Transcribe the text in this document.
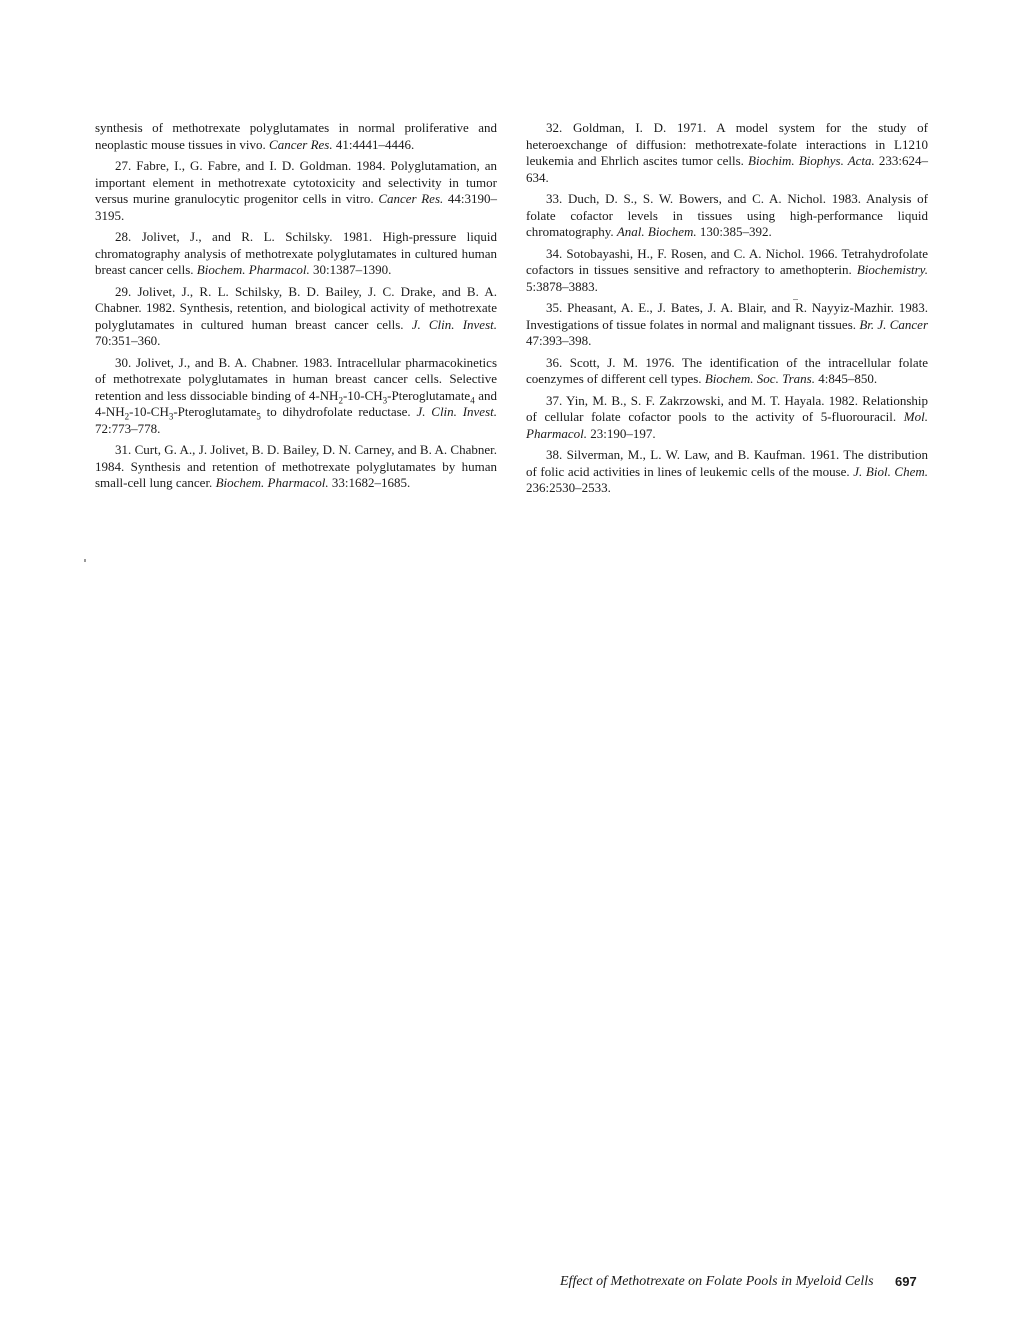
synthesis of methotrexate polyglutamates in normal proliferative and neoplastic mouse tissues in vivo. Cancer Res. 41:4441–4446.

27. Fabre, I., G. Fabre, and I. D. Goldman. 1984. Polyglutamation, an important element in methotrexate cytotoxicity and selectivity in tumor versus murine granulocytic progenitor cells in vitro. Cancer Res. 44:3190–3195.

28. Jolivet, J., and R. L. Schilsky. 1981. High-pressure liquid chromatography analysis of methotrexate polyglutamates in cultured human breast cancer cells. Biochem. Pharmacol. 30:1387–1390.

29. Jolivet, J., R. L. Schilsky, B. D. Bailey, J. C. Drake, and B. A. Chabner. 1982. Synthesis, retention, and biological activity of methotrexate polyglutamates in cultured human breast cancer cells. J. Clin. Invest. 70:351–360.

30. Jolivet, J., and B. A. Chabner. 1983. Intracellular pharmacokinetics of methotrexate polyglutamates in human breast cancer cells. Selective retention and less dissociable binding of $4-NH_2-10-CH_3-Pteroglutamate_4$ and $4-NH_2-10-CH_3-Pteroglutamate_5$ to dihydrofolate reductase. J. Clin. Invest. 72:773–778.

31. Curt, G. A., J. Jolivet, B. D. Bailey, D. N. Carney, and B. A. Chabner. 1984. Synthesis and retention of methotrexate polyglutamates by human small-cell lung cancer. Biochem. Pharmacol. 33:1682–1685.

32. Goldman, I. D. 1971. A model system for the study of heteroexchange of diffusion: methotrexate-folate interactions in L1210 leukemia and Ehrlich ascites tumor cells. Biochim. Biophys. Acta. 233:624–634.

33. Duch, D. S., S. W. Bowers, and C. A. Nichol. 1983. Analysis of folate cofactor levels in tissues using high-performance liquid chromatography. Anal. Biochem. 130:385–392.

34. Sotobayashi, H., F. Rosen, and C. A. Nichol. 1966. Tetrahydrofolate cofactors in tissues sensitive and refractory to amethopterin. Biochemistry. 5:3878–3883.

35. Pheasant, A. E., J. Bates, J. A. Blair, and R. Nayyiz-Mazhir. 1983. Investigations of tissue folates in normal and malignant tissues. Br. J. Cancer 47:393–398.

36. Scott, J. M. 1976. The identification of the intracellular folate coenzymes of different cell types. Biochem. Soc. Trans. 4:845–850.

37. Yin, M. B., S. F. Zakrzowski, and M. T. Hayala. 1982. Relationship of cellular folate cofactor pools to the activity of 5-fluorouracil. Mol. Pharmacol. 23:190–197.

38. Silverman, M., L. W. Law, and B. Kaufman. 1961. The distribution of folic acid activities in lines of leukemic cells of the mouse. J. Biol. Chem. 236:2530–2533.

Effect of Methotrexate on Folate Pools in Myeloid Cells 697
